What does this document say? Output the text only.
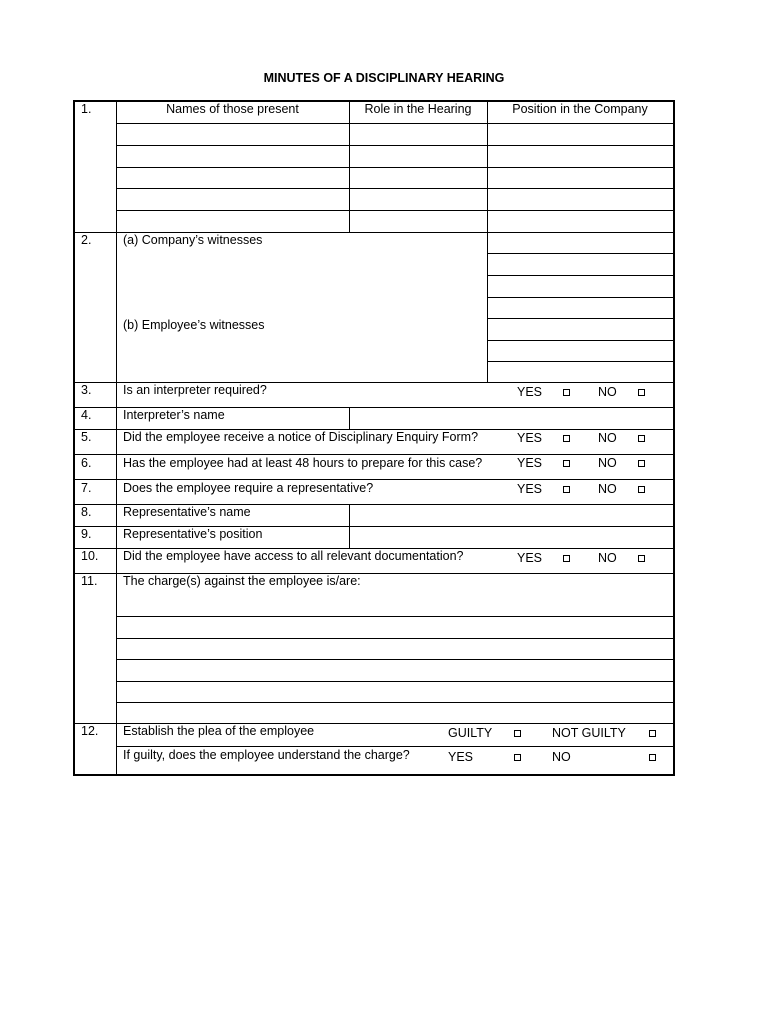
MINUTES OF A DISCIPLINARY HEARING
1.	Names of those present	Role in the Hearing	Position in the Company
2.	(a) Company’s witnesses
(b) Employee’s witnesses
3.	Is an interpreter required?	YES	NO
4.	Interpreter’s name
5.	Did the employee receive a notice of Disciplinary Enquiry Form?	YES	NO
6.	Has the employee had at least 48 hours to prepare for this case?	YES	NO
7.	Does the employee require a representative?	YES	NO
8.	Representative’s name
9.	Representative’s position
10. Did the employee have access to all relevant documentation?	YES	NO
11. The charge(s) against the employee is/are:
12. Establish the plea of the employee	GUILTY	NOT GUILTY
If guilty, does the employee understand the charge?	YES	NO
